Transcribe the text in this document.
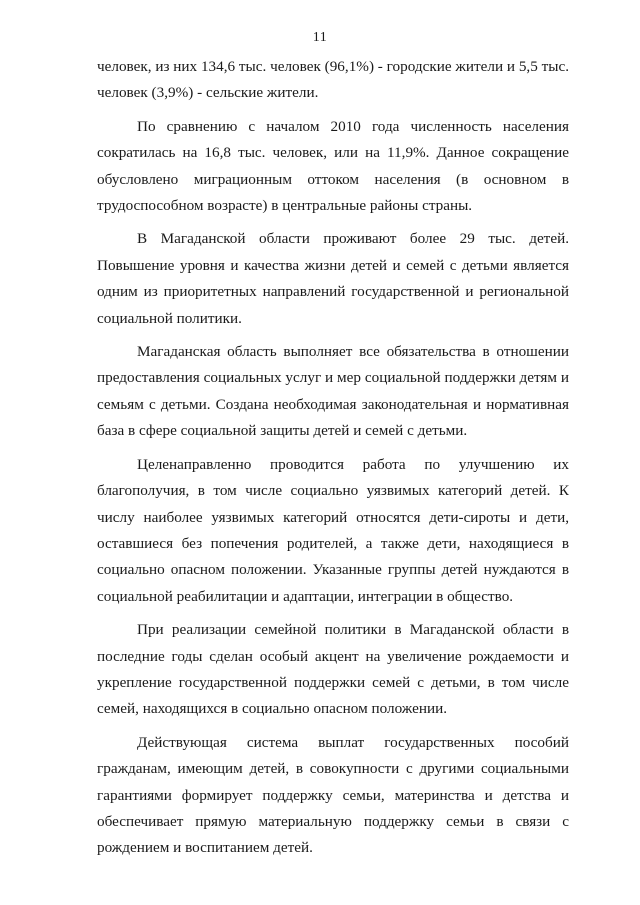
11

человек, из них 134,6 тыс. человек (96,1%) - городские жители и 5,5 тыс. человек (3,9%) - сельские жители.

По сравнению с началом 2010 года численность населения сократилась на 16,8 тыс. человек, или на 11,9%. Данное сокращение обусловлено миграционным оттоком населения (в основном в трудоспособном возрасте) в центральные районы страны.

В Магаданской области проживают более 29 тыс. детей. Повышение уровня и качества жизни детей и семей с детьми является одним из приоритетных направлений государственной и региональной социальной политики.

Магаданская область выполняет все обязательства в отношении предоставления социальных услуг и мер социальной поддержки детям и семьям с детьми. Создана необходимая законодательная и нормативная база в сфере социальной защиты детей и семей с детьми.

Целенаправленно проводится работа по улучшению их благополучия, в том числе социально уязвимых категорий детей. К числу наиболее уязвимых категорий относятся дети-сироты и дети, оставшиеся без попечения родителей, а также дети, находящиеся в социально опасном положении. Указанные группы детей нуждаются в социальной реабилитации и адаптации, интеграции в общество.

При реализации семейной политики в Магаданской области в последние годы сделан особый акцент на увеличение рождаемости и укрепление государственной поддержки семей с детьми, в том числе семей, находящихся в социально опасном положении.

Действующая система выплат государственных пособий гражданам, имеющим детей, в совокупности с другими социальными гарантиями формирует поддержку семьи, материнства и детства и обеспечивает прямую материальную поддержку семьи в связи с рождением и воспитанием детей.
